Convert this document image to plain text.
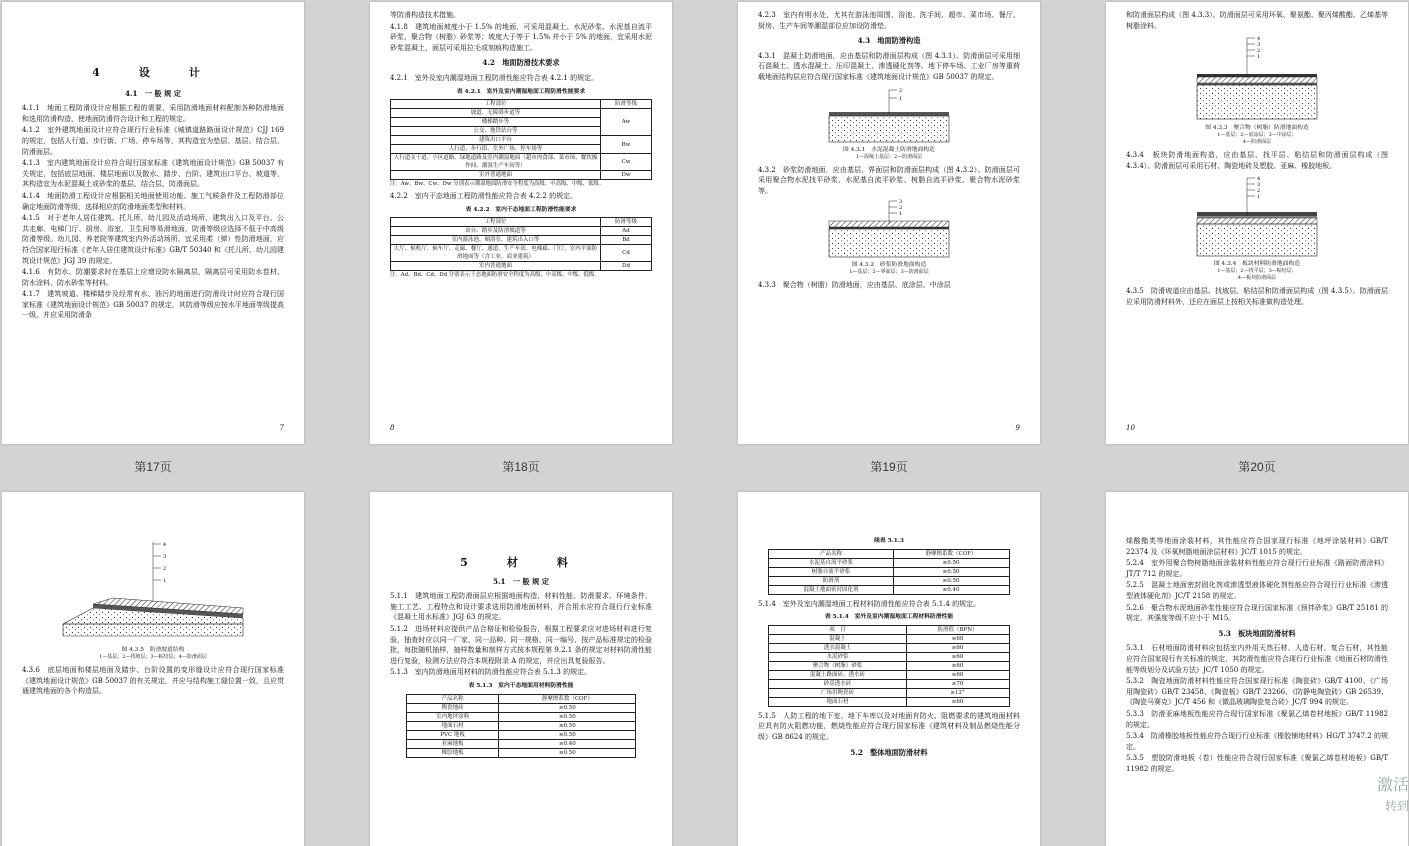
4　设　计
4.1　一 般 规 定

4.1.1　地面工程防滑设计应根据工程的需要，采用防滑地面材料配制各种防滑地面和选用防滑构造，使地面防滑符合设计和工程的规定。

4.1.2　室外建筑地面设计应符合现行行业标准《城镇道路路面设计规范》CJJ 169 的规定，包括人行道、步行街、广场、停车场等，其构造宜为垫层、基层、结合层、防滑面层。

4.1.3　室内建筑地面设计应符合现行国家标准《建筑地面设计规范》GB 50037 有关规定，包括底层地面、楼层地面以及散水、踏步、台阶、建筑出口平台、坡道等，其构造宜为水泥混凝土或砂浆的基层、结合层、防滑面层。

4.1.4　地面防滑工程设计应根据相关地面使用功能、施工气候条件及工程防滑部位确定地面防滑等级，选择相应的防滑地面类型和材料。

4.1.5　对于老年人居住建筑、托儿所、幼儿园及活动场所、建筑出入口及平台、公共走廊、电梯门厅、厨房、浴室、卫生间等易滑地面，防滑等级应选择不低于中高级防滑等级。幼儿园、养老院等建筑室内外活动场所，宜采用柔（弹）性防滑地面，应符合国家现行标准《老年人居住建筑设计标准》GB/T 50340 和《托儿所、幼儿园建筑设计规范》JGJ 39 的规定。

4.1.6　有防水、防潮要求时在基层上应增设防水隔离层，隔离层可采用防水卷材、防水涂料、防水砂浆等材料。

4.1.7　建筑坡道、楼梯踏步及经常有水、油污的地面进行防滑设计时应符合现行国家标准《建筑地面设计规范》GB 50037 的规定，其防滑等级应按水平地面等级提高一级，并应采用防滑条

7
第17页

等防滑构造技术措施。

4.1.8　建筑地面坡度小于 1.5% 的地面，可采用混凝土、水泥砂浆、水泥基自流平砂浆、聚合物（树脂）砂浆等；坡度大于等于 1.5% 并小于 5% 的地面，宜采用水泥砂浆混凝土，面层可采用拉毛或刻痕构造施工。

4.2　地面防滑技术要求

4.2.1　室外及室内潮湿地面工程防滑性能应符合表 4.2.1 的规定。

表 4.2.1　室外及室内潮湿地面工程防滑性能要求
工程部位	防滑等级
坡道、无障碍步道等	Aw
楼梯踏步等	
公交、地铁站台等	
建筑出口平台	Bw
人行道、步行街、室外广场、停车场等	
人行道支干道、小区道路、绿地道路及室内潮湿地面（超市肉食部、菜市场、餐饮操作间、潮湿生产车间等）	Cw
室外普通地面	Dw
注：Aw、Bw、Cw、Dw 分别表示潮湿地面防滑安全程度为高级、中高级、中级、低级。

4.2.2　室内干态地面工程防滑性能应符合表 4.2.2 的规定。

表 4.2.2　室内干态地面工程防滑性能要求
工程部位	防滑等级
站台、踏步及防滑坡道等	Ad
室内游泳池、厕浴室、建筑出入口等	Bd
大厅、候机厅、候车厅、走廊、餐厅、通道、生产车间、电梯廊、门厅、室内平面防滑地面等（含工业、商业建筑）	Cd
室内普通地面	Dd
注：Ad、Bd、Cd、Dd 分别表示干态地面防滑安全程度为高级、中高级、中级、低级。
8
第18页

4.2.3　室内有明水处，尤其在游泳池周围、浴池、洗手间、超市、菜市场、餐厅、厨房、生产车间等潮湿部位应加设防滑垫。

4.3　地面防滑构造

4.3.1　混凝土防滑地面，应由基层和防滑面层构成（图 4.3.1）。防滑面层可采用细石混凝土、透水混凝土、压印混凝土、渗透硬化剂等。地下停车场、工业厂房等重荷载地面结构层应符合现行国家标准《建筑地面设计规范》GB 50037 的规定。

2
1
图 4.3.1　水泥混凝土防滑地面构造
1—混凝土基层；2—防滑面层

4.3.2　砂浆防滑地面，应由基层、界面层和防滑面层构成（图 4.3.2）。防滑面层可采用聚合物水泥找平砂浆、水泥基自流平砂浆、树脂自流平砂浆、聚合物水泥砂浆等。

3
2
1
图 4.3.2　砂浆防滑地面构造
1—基层；2—界面层；3—防滑面层

4.3.3　聚合物（树脂）防滑地面，应由基层、底涂层、中涂层

9
第19页

和防滑面层构成（图 4.3.3）。防滑面层可采用环氧、聚氨酯、聚丙烯酸酯、乙烯基等树脂涂料。

4
3
2
1
图 4.3.3　聚合物（树脂）防滑地面构造
1—基层；2—底涂层；3—中涂层；
4—防滑面层

4.3.4　板块防滑地面构造，应由基层、找平层、粘结层和防滑面层构成（图 4.3.4）。防滑面层可采用石材、陶瓷地砖及塑胶、亚麻、橡胶地板。

4
3
2
1
图 4.3.4　板块材料防滑地面构造
1—基层；2—找平层；3—粘结层；
4—板块防滑面层

4.3.5　防滑坡道应由基层、找坡层、粘结层和防滑面层构成（图 4.3.5）。防滑面层应采用防滑材料外，还应在面层上按相关标准做构造处理。

10
第20页
4
3
2
1
图 4.3.5　防滑坡道结构
1—基层；2—找坡层；3—粘结层；4—防滑面层

4.3.6　底层地面和楼层地面及踏步、台阶设置的变形缝设计应符合现行国家标准《建筑地面设计规范》GB 50037 的有关规定，并应与结构施工缝位置一致，且应贯通建筑地面的各个构造层。

5　材　料
5.1　一 般 规 定

5.1.1　建筑地面工程防滑面层应根据地面构造、材料性能、防滑要求、环境条件、施工工艺、工程特点和设计要求选用防滑地面材料，并合用水应符合现行行业标准《混凝土用水标准》JGJ 63 的规定。

5.1.2　进场材料应提供产品合格证和检验报告，根据工程要求应对进场材料进行复验，抽查时应以同一厂家、同一品种、同一规格、同一编号、按产品标准规定的检验批，每批随机抽样，抽样数量和制样方式按本规程第 9.2.1 条的规定对材料防滑性能进行复验，检测方法应符合本规程附录 A 的规定，并应出具复验报告。

5.1.3　室内防滑地面用材料的防滑性能应符合表 5.1.3 的规定。

表 5.1.3　室内干态地面用材料防滑性能
产品名称	静摩擦系数（COF）
陶瓷地砖	≥0.50
室内地坪涂料	≥0.50
地面石材	≥0.50
PVC 地板	≥0.50
亚麻地板	≥0.40
橡胶地板	≥0.50
续表 5.1.3
产品名称	静摩擦系数（COF）
水泥基自流平砂浆	≥0.50
树脂自流平砂浆	≥0.50
防滑剂	≥0.50
混凝土地面密封固化剂	≥0.40

5.1.4　室外及室内潮湿地面工程材料防滑性能应符合表 5.1.4 的规定。

表 5.1.4　室外及室内潮湿地面工程材料防滑性能
项　目	防滑值（BPN）
混凝土	≥60
透水混凝土	≥60
水泥砂浆	≥60
聚合物（树脂）砂浆	≥60
混凝土路面砖、透水砖	≥60
砂基透水砖	≥70
广场用陶瓷砖	≥12°
地面石材	≥60

5.1.5　人防工程的地下室、地下车库以及对地面有防火、阻燃要求的建筑地面材料应具有防火阻燃功能，燃烧性能应符合现行国家标准《建筑材料及制品燃烧性能分级》GB 8624 的规定。

5.2　整体地面防滑材料

烯酸酯类等地面涂装材料，其性能应符合国家现行标准《地坪涂装材料》GB/T 22374 及《环氧树脂地面涂层材料》JC/T 1015 的规定。

5.2.4　室外用聚合物树脂地面涂装材料性能应符合现行行业标准《路面防滑涂料》JT/T 712 的规定。

5.2.5　混凝土地面密封固化剂或渗透型液体硬化剂性能应符合现行行业标准《渗透型液体硬化剂》JC/T 2158 的规定。

5.2.6　聚合物水泥地面砂浆性能应符合现行国家标准《预拌砂浆》GB/T 25181 的规定，其强度等级不应小于 M15。

5.3　板块地面防滑材料

5.3.1　石材地面防滑材料应包括室内外用天然石材、人造石材、复合石材，其性能应符合国家现行有关标准的规定，其防滑性能应符合现行行业标准《地面石材防滑性能等级划分及试验方法》JC/T 1050 的规定。

5.3.2　陶瓷地面防滑材料性能应符合国家现行标准《陶瓷砖》GB/T 4100、《广场用陶瓷砖》GB/T 23458、《陶瓷板》GB/T 23266、《防静电陶瓷砖》GB 26539、《陶瓷马赛克》JC/T 456 和《微晶玻璃陶瓷复合砖》JC/T 994 的规定。

5.3.3　防滑亚麻地板性能应符合现行国家标准《聚氯乙烯卷材地板》GB/T 11982 的规定。

5.3.4　防滑橡胶地板性能应符合现行行业标准《橡胶铺地材料》HG/T 3747.2 的规定。

5.3.5　塑胶防滑地板（卷）性能应符合现行国家标准《聚氯乙烯卷材地板》GB/T 11982 的规定。

激活
转到
